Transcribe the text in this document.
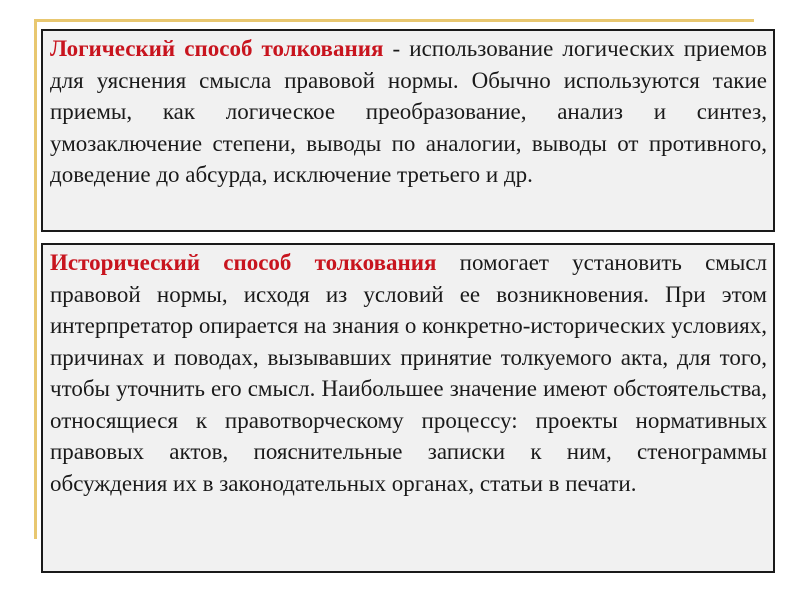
Логический способ толкования - использование логических приемов для уяснения смысла правовой нормы. Обычно используются такие приемы, как логическое преобразование, анализ и синтез, умозаключение степени, выводы по аналогии, выводы от противного, доведение до абсурда, исключение третьего и др.
Исторический способ толкования помогает установить смысл правовой нормы, исходя из условий ее возникновения. При этом интерпретатор опирается на знания о конкретно-исторических условиях, причинах и поводах, вызывавших принятие толкуемого акта, для того, чтобы уточнить его смысл. Наибольшее значение имеют обстоятельства, относящиеся к правотворческому процессу: проекты нормативных правовых актов, пояснительные записки к ним, стенограммы обсуждения их в законодательных органах, статьи в печати.
